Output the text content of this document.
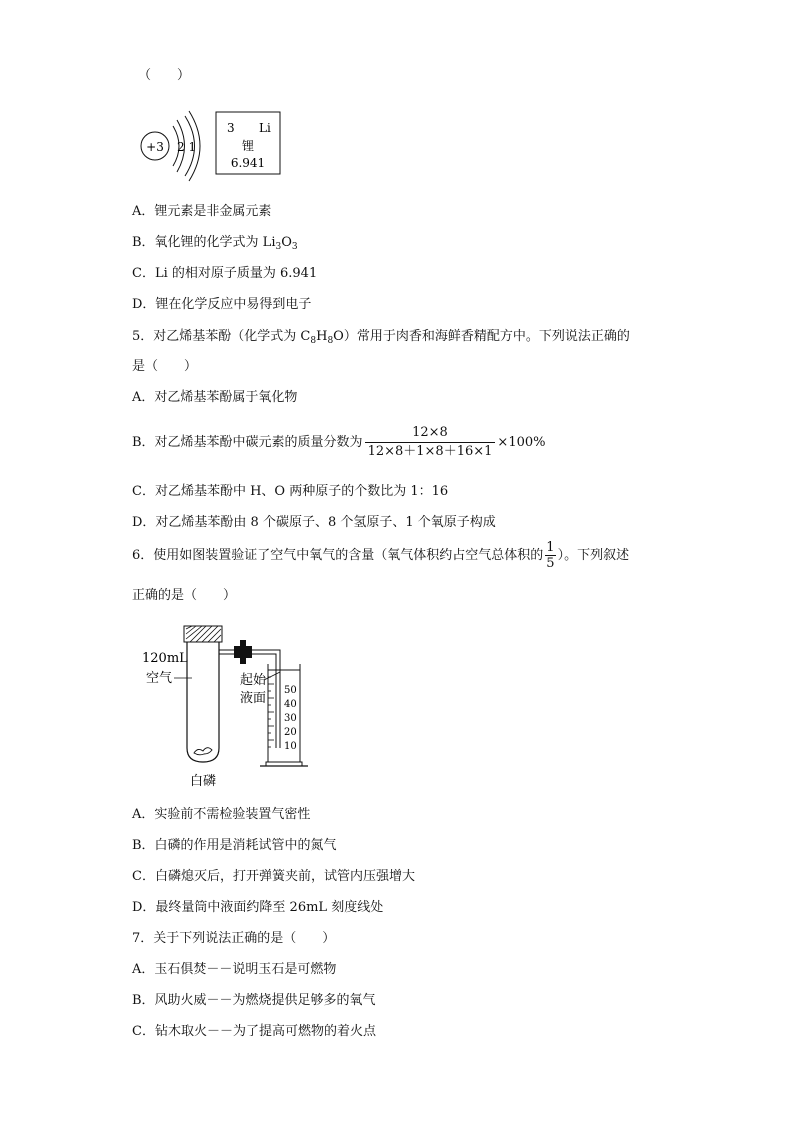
（　　）
+3 2 1
3 Li
锂
6.941
A．锂元素是非金属元素
B．氧化锂的化学式为 $Li_3O_3$
C．Li 的相对原子质量为 6.941
D．锂在化学反应中易得到电子
5．对乙烯基苯酚（化学式为 $C_8H_8O$）常用于肉香和海鲜香精配方中。下列说法正确的
是（　　）
A．对乙烯基苯酚属于氧化物
B．对乙烯基苯酚中碳元素的质量分数为 $\frac{12\times 8}{12\times 8+1\times 8+16\times 1} \times 100\%$
C．对乙烯基苯酚中 H、O 两种原子的个数比为 1：16
D．对乙烯基苯酚由 8 个碳原子、8 个氢原子、1 个氧原子构成
6．使用如图装置验证了空气中氧气的含量（氧气体积约占空气总体积的 $\frac{1}{5}$ ）。下列叙述
正确的是（　　）
50
40
30
20
10
120mL
空气	起始
液面
白磷
A．实验前不需检验装置气密性
B．白磷的作用是消耗试管中的氮气
C．白磷熄灭后，打开弹簧夹前，试管内压强增大
D．最终量筒中液面约降至 26mL 刻度线处
7．关于下列说法正确的是（　　）
A．玉石俱焚－－说明玉石是可燃物
B．风助火威－－为燃烧提供足够多的氧气
C．钻木取火－－为了提高可燃物的着火点
